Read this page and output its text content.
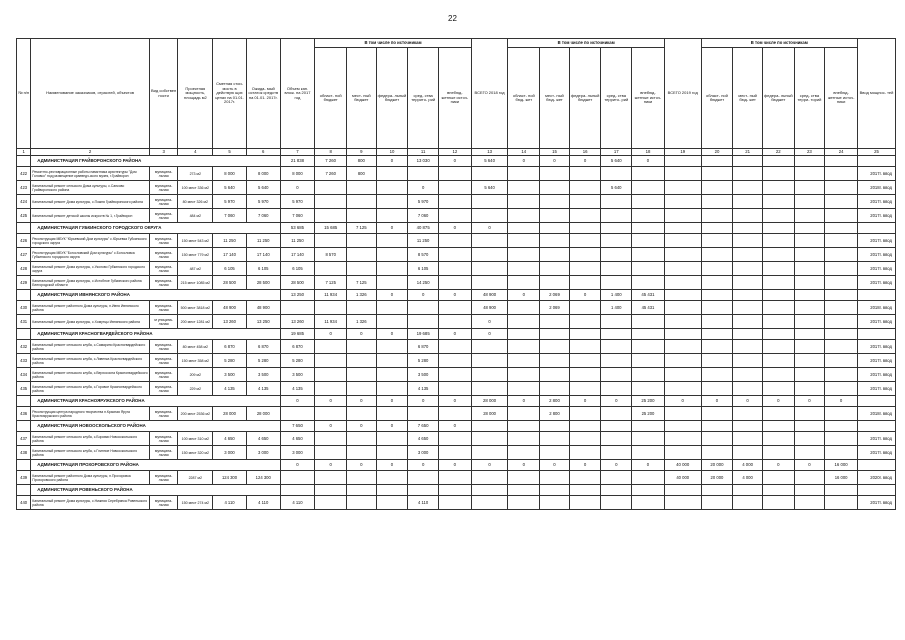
22
№ п/п	Наименование заказчиков, отраслей, объектов	Вид собствен ности	Проектная мощность, площадь м2	Сметная стои- мость в действую щих ценах на 01.01. 2017г.	Ожида- мый остаток средств на 01.01. 2017г.	Объем кап. влож. на 2017 год	В том числе по источникам					ВСЕГО 2018 год	В том числе по источникам					ВСЕГО 2019 год	В том числе по источникам					Ввод мощнос- тей
							област- ной бюджет	мест- ный бюджет	федера- льный бюджет	сред- ства террито- рий	внебюд- жетные источ- ники		област- ной бюд- жет	мест- ный бюд- жет	федера- льный бюджет	сред- ства террито- рий	внебюд- жетные источ- ники		област- ной бюджет	мест- ный бюд- жет	федера- льный бюджет	сред- ства терри- торий	внебюд- жетные источ- ники	
1	2	3	4	5	6	7	8	9	10	11	12	13	14	15	16	17	18	19	20	21	22	23	24	25
	АДМИНИСТРАЦИЯ ГРАЙВОРОНСКОГО РАЙОНА					21 838	7 260	800	0	13 030	0	5 640	0	0	0	5 640	0							
422	Ремонтно-реставрационные работы памятника архитектуры "Дом Головко" под размещение краеведч-ского музея, г.Грайворон	муниципа- льная	273 м2	8 000	8 000	8 000	7 260	800																2017г. ввод
423	Капитальный ремонт сельского Дома культуры, с.Санково Грайворонского района	муниципа- льная	100 мест 336 м2	5 640	5 640	0				0		5 640				5 640								2018г. ввод
424	Капитальный ремонт Дома культуры, с.Пожня Грайворонского района	муниципа- льная	80 мест 326 м2	5 970	5 970	5 970				5 970														2017г. ввод
425	Капитальный ремонт детской школы искусств № 1, г.Грайворон	муниципа- льная	484 м2	7 060	7 060	7 060				7 060														2017г. ввод
	АДМИНИСТРАЦИЯ ГУБКИНСКОГО ГОРОДСКОГО ОКРУГА					53 685	15 685	7 125	0	40 875	0	0												
426	Реконструкция МБУК "Юрьевский Дом культуры" с.Юрьевка Губкинского городского округа	муниципа- льная	150 мест 543 м2	11 250	11 250	11 250				11 250														2017г. ввод
427	Реконструкция МБУК "Богословский Дом культуры" с.Богословка Губкинского городского округа	муниципа- льная	150 мест 779 м2	17 140	17 140	17 140	8 570			8 570														2017г. ввод
428	Капитальный ремонт Дома культуры, с.Уколово Губкинского городского округа	муниципа- льная	487 м2	6 105	6 105	6 105				6 105														2017г. ввод
429	Капитальный ремонт Дома культуры, с.Истобное Губкинского района Белгородской области	муниципа- льная	215 мест 1085 м2	28 500	28 500	28 500	7 125	7 125		14 250														2017г. ввод
	АДМИНИСТРАЦИЯ ИВНЯНСКОГО РАЙОНА					13 250	11 934	1 326	0	0	0	48 900	0	2 069	0	1 400	45 431							
430	Капитальный ремонт районного Дома культуры, п.Ивня Ивнянского района	муниципа- льная	500 мест 3818 м2	48 900	48 900							48 900		2 069		1 400	45 431							2018г. ввод
431	Капитальный ремонт Дома культуры, с.Хомутцы Ивнянского района	м униципа- льная	200 мест 1281 м2	13 260	13 250	13 260	11 934	1 326				0												2017г. ввод
	АДМИНИСТРАЦИЯ КРАСНОГВАРДЕЙСКОГО РАЙОНА					19 685	0	0	0	19 685	0	0												
432	Капитальный ремонт сельского клуба, с.Самарино Красногвардейского района	муниципа- льная	80 мест 458 м2	6 870	6 870	6 870				6 870														2017г. ввод
433	Капитальный ремонт сельского клуба, с.Ливенка Красногвардейского района	муниципа- льная	150 мест 358 м2	5 280	5 280	5 280				5 280														2017г. ввод
434	Капитальный ремонт сельского клуба, с.Верхососна Красногвардейского района	муниципа- льная	209 м2	3 500	3 500	3 500				3 500														2017г. ввод
435	Капитальный ремонт сельского клуба, с.Горовое Красногвардейского района	муниципа- льная	229 м2	4 135	4 135	4 135				4 135														2017г. ввод
	АДМИНИСТРАЦИЯ КРАСНОЯРУЖСКОГО РАЙОНА					0	0	0	0	0	0	28 000	0	2 800	0	0	25 200	0	0	0	0	0	0	
436	Реконструкция центра народного творчества п.Красная Яруга Краснояружского района	муниципа- льная	200 мест 2536 м2	28 000	28 000							28 000		2 800			25 200							2018г. ввод
	АДМИНИСТРАЦИЯ НОВООСКОЛЬСКОГО РАЙОНА					7 650	0	0	0	7 650	0													
437	Капитальный ремонт сельского клуба, с.Боровки Новооскольского района	муниципа- льная	100 мест 310 м2	4 650	4 650	4 650				4 650														2017г. ввод
438	Капитальный ремонт сельского клуба, с.Глинное Новооскольского района	муниципа- льная	150 мест 320 м2	3 000	3 000	3 000				3 000														2017г. ввод
	АДМИНИСТРАЦИЯ ПРОХОРОВСКОГО РАЙОНА					0	0	0	0	0	0	0	0	0	0	0	0	40 000	20 000	4 000	0	0	16 000	
439	Капитальный ремонт районного Дома культуры, п.Прохоровка Прохоровского района	муниципа- льная	2287 м2	124 300	124 300													40 000	20 000	4 000			16 000	2020г. ввод
	АДМИНИСТРАЦИЯ РОВЕНЬСКОГО РАЙОНА																							
440	Капитальный ремонт Дома культуры, с.Нижняя Серебрянка Ровеньского района	муниципа- льная	150 мест 274 м2	4 110	4 110	4 110				4 110														2017г. ввод
